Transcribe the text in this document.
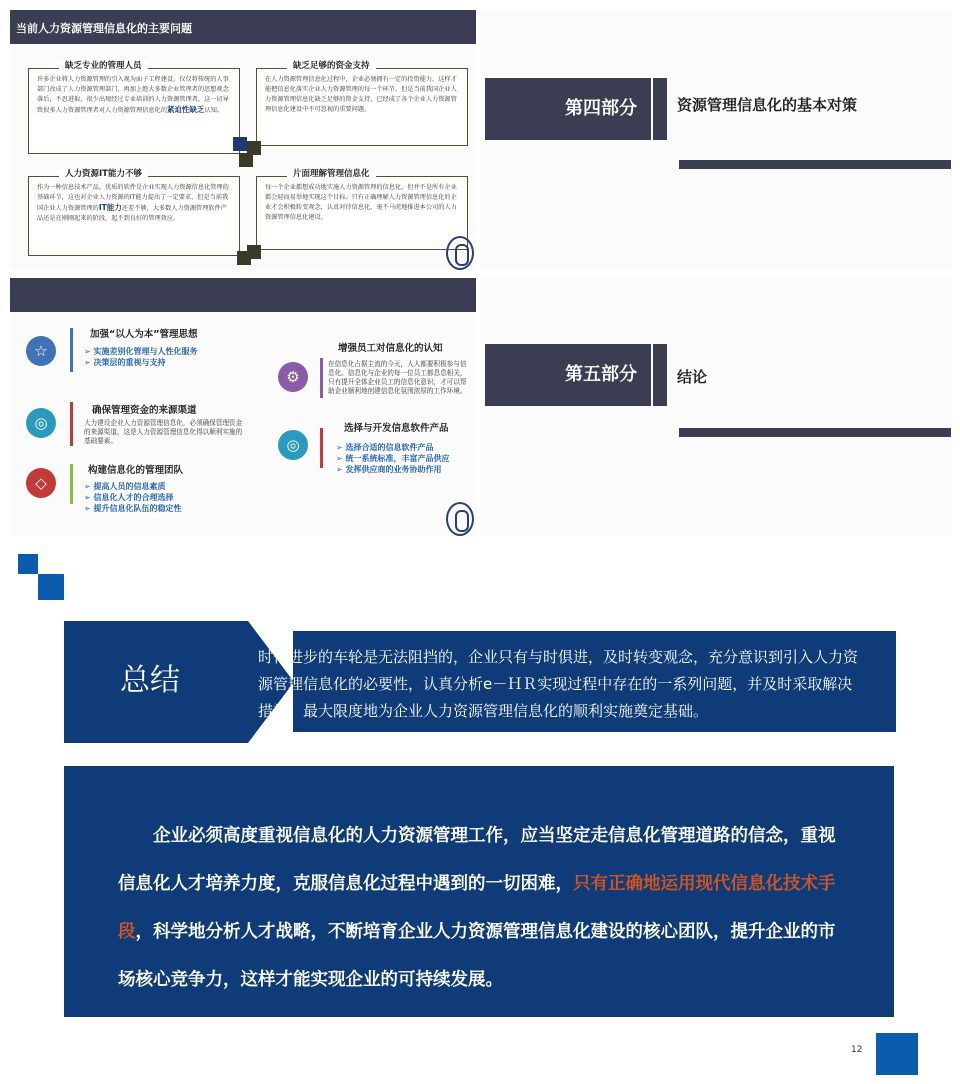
当前人力资源管理信息化的主要问题
缺乏专业的管理人员
许多企业将人力资源管理的引入视为面子工程建设。仅仅将传统的人事部门改成了人力资源管理部门，再加上绝大多数企业管理者的思想观念落后，不思进取，很少出现经过专业培训的人力资源管理者，这一切导致很多人力资源管理者对人力资源管理信息化的紧迫性缺乏认知。
缺乏足够的资金支持
在人力资源管理信息化过程中，企业必须拥有一定的投资能力，这样才能把信息化落实企业人力资源管理的每一个环节。但是当前我国企业人力资源管理信息化缺乏足够的资金支持，已经成了各个企业人力资源管理信息化建设中不可忽视的重要问题。
人力资源IT能力不够
作为一种信息技术产品，优质的软件是企业实现人力资源信息化管理的基础环节，这也对企业人力资源的IT能力提出了一定要求，但是当前我国企业人力资源管理的IT能力还差不够，大多数人力资源管理软件产品还是在刚刚起来的阶段，起不到良好的管理效应。
片面理解管理信息化
每一个企业都想成功地实施人力资源管理的信息化，但并不是所有企业都会轻而易举地实现这个目标。只有正确理解人力资源管理信息化的企业才会积极转变观念，认真对待信息化，毫不马虎地推进本公司的人力资源管理信息化建设。
第四部分	资源管理信息化的基本对策
☆
加强“以人为本”管理思想
➢ 实施差别化管理与人性化服务
➢ 决策层的重视与支持
◎
确保管理资金的来源渠道
大力建设企业人力资源管理信息化，必须确保管理资金的来源渠道，这是人力资源管理信息化得以顺利实施的基础要素。
◇
构建信息化的管理团队
➢ 提高人员的信息素质
➢ 信息化人才的合理选择
➢ 提升信息化队伍的稳定性
⚙
增强员工对信息化的认知
在信息化占据主流的今天，人人都要积极参与信息化。信息化与企业的每一位员工都息息相关，只有提升全体企业员工的信息化意识，才可以帮助企业顺利地创建信息化氛围浓厚的工作环境。
◎
选择与开发信息软件产品
➢ 选择合适的信息软件产品
➢ 统一系统标准，丰富产品供应
➢ 发挥供应商的业务协助作用
第五部分	结论
总结
时代进步的车轮是无法阻挡的，企业只有与时俱进，及时转变观念，充分意识到引入人力资源管理信息化的必要性，认真分析e－ＨＲ实现过程中存在的一系列问题，并及时采取解决措施，最大限度地为企业人力资源管理信息化的顺利实施奠定基础。
　　企业必须高度重视信息化的人力资源管理工作，应当坚定走信息化管理道路的信念，重视信息化人才培养力度，克服信息化过程中遇到的一切困难，只有正确地运用现代信息化技术手段，科学地分析人才战略，不断培育企业人力资源管理信息化建设的核心团队，提升企业的市场核心竞争力，这样才能实现企业的可持续发展。
12
